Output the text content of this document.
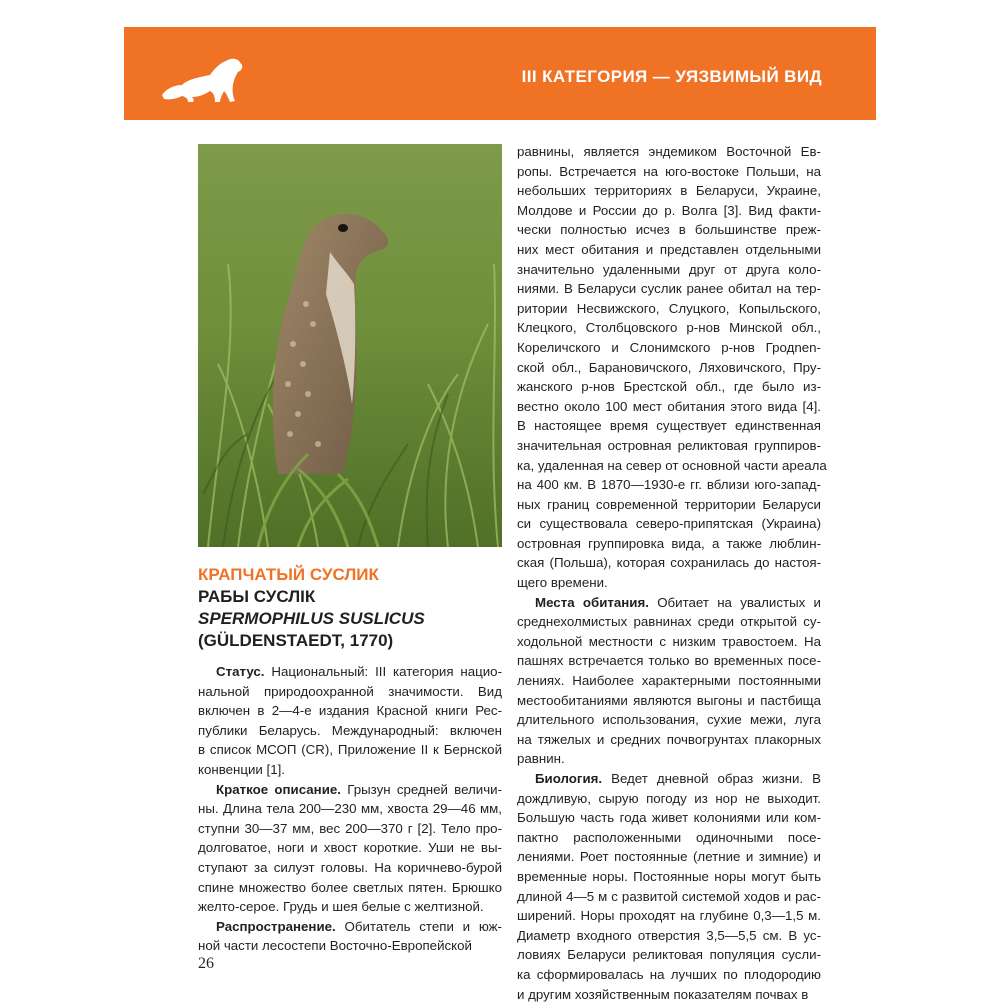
III КАТЕГОРИЯ — УЯЗВИМЫЙ ВИД
КРАПЧАТЫЙ СУСЛИК
РАБЫ СУСЛІК
SPERMOPHILUS SUSLICUS
(GÜLDENSTAEDT, 1770)
Статус. Национальный: III категория нацио-
нальной природоохранной значимости. Вид
включен в 2—4-е издания Красной книги Рес-
публики Беларусь. Международный: включен
в список МСОП (CR), Приложение II к Бернской
конвенции [1].
Краткое описание. Грызун средней величи-
ны. Длина тела 200—230 мм, хвоста 29—46 мм,
ступни 30—37 мм, вес 200—370 г [2]. Тело про-
долговатое, ноги и хвост короткие. Уши не вы-
ступают за силуэт головы. На коричнево-бурой
спине множество более светлых пятен. Брюшко
желто-серое. Грудь и шея белые с желтизной.
Распространение. Обитатель степи и юж-
ной части лесостепи Восточно-Европейской
равнины, является эндемиком Восточной Ев-
ропы. Встречается на юго-востоке Польши, на
небольших территориях в Беларуси, Украине,
Молдове и России до р. Волга [3]. Вид факти-
чески полностью исчез в большинстве преж-
них мест обитания и представлен отдельными
значительно удаленными друг от друга коло-
ниями. В Беларуси суслик ранее обитал на тер-
ритории Несвижского, Слуцкого, Копыльского,
Клецкого, Столбцовского р-нов Минской обл.,
Кореличского и Слонимского р-нов Гродnen-
ской обл., Барановичского, Ляховичского, Пру-
жанского р-нов Брестской обл., где было из-
вестно около 100 мест обитания этого вида [4].
В настоящее время существует единственная
значительная островная реликтовая группиров-
ка, удаленная на север от основной части ареала
на 400 км. В 1870—1930-е гг. вблизи юго-запад-
ных границ современной территории Беларуси
си существовала северо-припятская (Украина)
островная группировка вида, а также люблин-
ская (Польша), которая сохранилась до настоя-
щего времени.
Места обитания. Обитает на увалистых и
среднехолмистых равнинах среди открытой су-
ходольной местности с низким травостоем. На
пашнях встречается только во временных посе-
лениях. Наиболее характерными постоянными
местообитаниями являются выгоны и пастбища
длительного использования, сухие межи, луга
на тяжелых и средних почвогрунтах плакорных
равнин.
Биология. Ведет дневной образ жизни. В
дождливую, сырую погоду из нор не выходит.
Большую часть года живет колониями или ком-
пактно расположенными одиночными посе-
лениями. Роет постоянные (летние и зимние) и
временные норы. Постоянные норы могут быть
длиной 4—5 м с развитой системой ходов и рас-
ширений. Норы проходят на глубине 0,3—1,5 м.
Диаметр входного отверстия 3,5—5,5 см. В ус-
ловиях Беларуси реликтовая популяция сусли-
ка сформировалась на лучших по плодородию
и другим хозяйственным показателям почвах в
26
